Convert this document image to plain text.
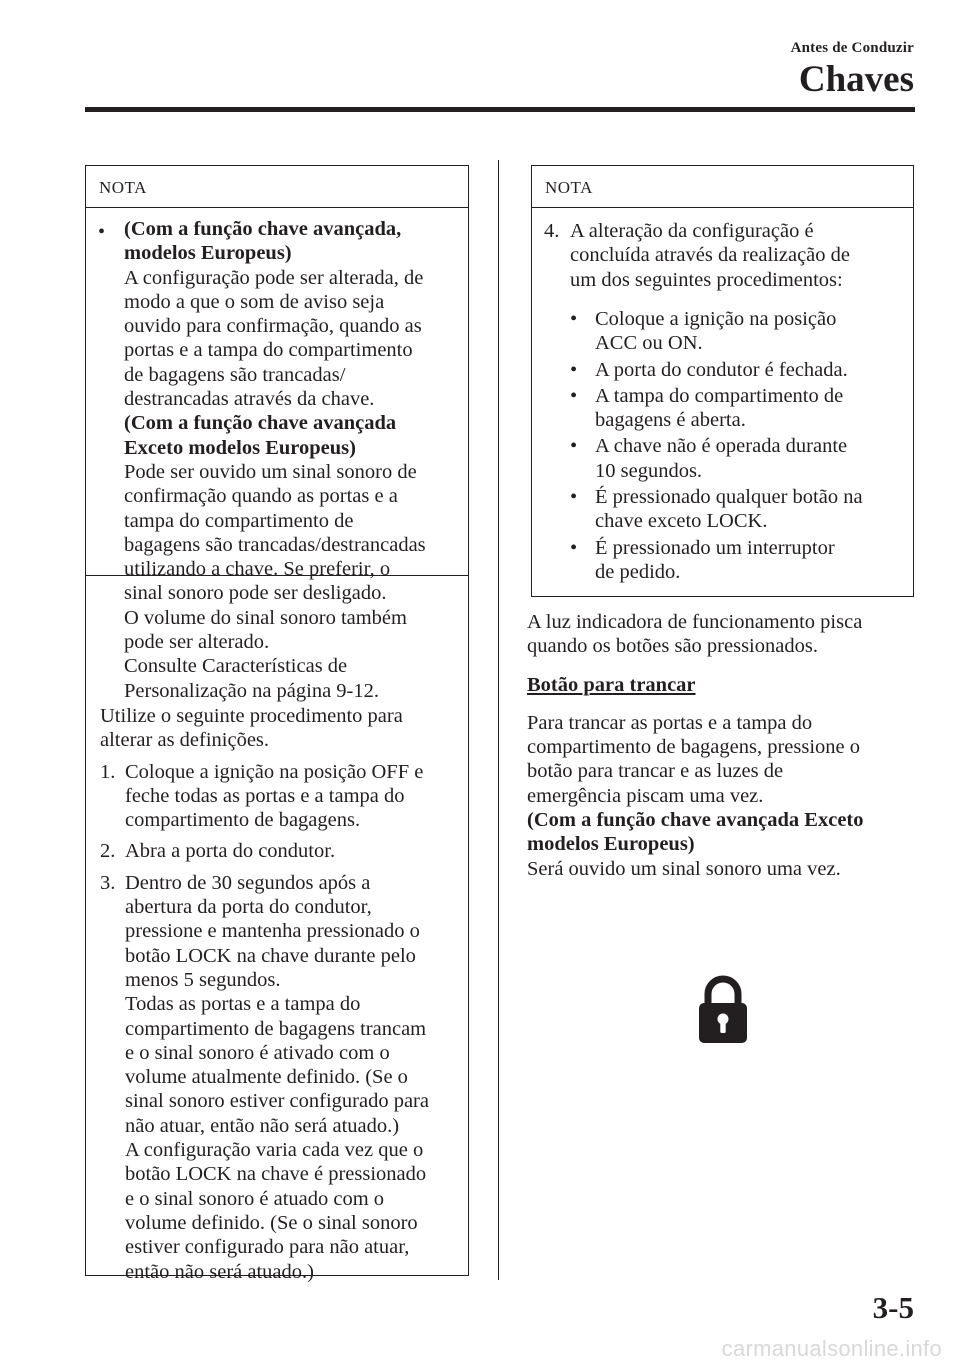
Antes de Conduzir
Chaves
NOTA
• (Com a função chave avançada,
modelos Europeus)
A configuração pode ser alterada, de
modo a que o som de aviso seja
ouvido para confirmação, quando as
portas e a tampa do compartimento
de bagagens são trancadas/
destrancadas através da chave.
(Com a função chave avançada
Exceto modelos Europeus)
Pode ser ouvido um sinal sonoro de
confirmação quando as portas e a
tampa do compartimento de
bagagens são trancadas/destrancadas
utilizando a chave. Se preferir, o
sinal sonoro pode ser desligado.
O volume do sinal sonoro também
pode ser alterado.
Consulte Características de
Personalização na página 9-12.
Utilize o seguinte procedimento para
alterar as definições.
1. Coloque a ignição na posição OFF e
feche todas as portas e a tampa do
compartimento de bagagens.
2. Abra a porta do condutor.
3. Dentro de 30 segundos após a
abertura da porta do condutor,
pressione e mantenha pressionado o
botão LOCK na chave durante pelo
menos 5 segundos.
Todas as portas e a tampa do
compartimento de bagagens trancam
e o sinal sonoro é ativado com o
volume atualmente definido. (Se o
sinal sonoro estiver configurado para
não atuar, então não será atuado.)
A configuração varia cada vez que o
botão LOCK na chave é pressionado
e o sinal sonoro é atuado com o
volume definido. (Se o sinal sonoro
estiver configurado para não atuar,
então não será atuado.)
NOTA
4. A alteração da configuração é
concluída através da realização de
um dos seguintes procedimentos:
• Coloque a ignição na posição
ACC ou ON.
• A porta do condutor é fechada.
• A tampa do compartimento de
bagagens é aberta.
• A chave não é operada durante
10 segundos.
• É pressionado qualquer botão na
chave exceto LOCK.
• É pressionado um interruptor
de pedido.
A luz indicadora de funcionamento pisca
quando os botões são pressionados.
Botão para trancar
Para trancar as portas e a tampa do
compartimento de bagagens, pressione o
botão para trancar e as luzes de
emergência piscam uma vez.
(Com a função chave avançada Exceto
modelos Europeus)
Será ouvido um sinal sonoro uma vez.
3-5
carmanualsonline.info
